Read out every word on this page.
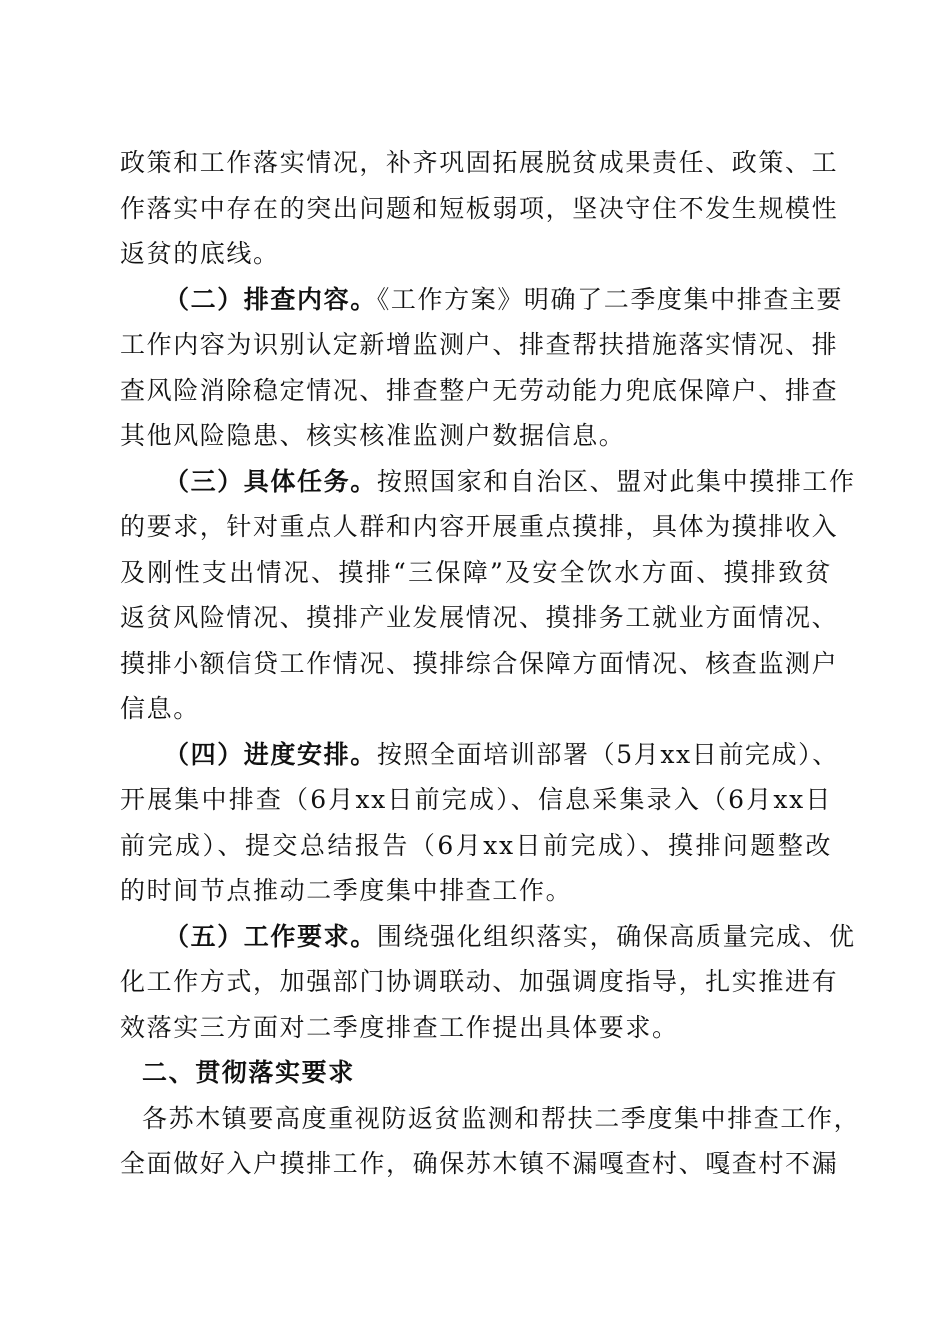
政策和工作落实情况，补齐巩固拓展脱贫成果责任、政策、工
作落实中存在的突出问题和短板弱项，坚决守住不发生规模性
返贫的底线。

（二）排查内容。《工作方案》明确了二季度集中排查主要
工作内容为识别认定新增监测户、排查帮扶措施落实情况、排
查风险消除稳定情况、排查整户无劳动能力兜底保障户、排查
其他风险隐患、核实核准监测户数据信息。

（三）具体任务。按照国家和自治区、盟对此集中摸排工作
的要求，针对重点人群和内容开展重点摸排，具体为摸排收入
及刚性支出情况、摸排“三保障”及安全饮水方面、摸排致贫
返贫风险情况、摸排产业发展情况、摸排务工就业方面情况、
摸排小额信贷工作情况、摸排综合保障方面情况、核查监测户
信息。

（四）进度安排。按照全面培训部署（5月xx日前完成）、
开展集中排查（6月xx日前完成）、信息采集录入（6月xx日
前完成）、提交总结报告（6月xx日前完成）、摸排问题整改
的时间节点推动二季度集中排查工作。

（五）工作要求。围绕强化组织落实，确保高质量完成、优
化工作方式，加强部门协调联动、加强调度指导，扎实推进有
效落实三方面对二季度排查工作提出具体要求。

二、贯彻落实要求

各苏木镇要高度重视防返贫监测和帮扶二季度集中排查工作，
全面做好入户摸排工作，确保苏木镇不漏嘎查村、嘎查村不漏
